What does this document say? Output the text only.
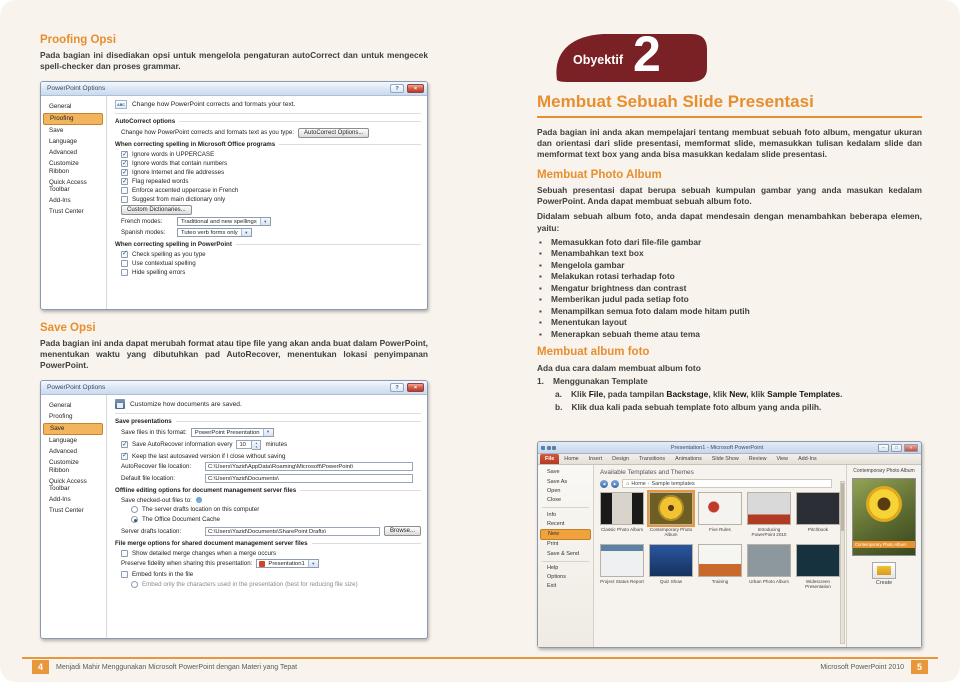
Proofing Opsi

Pada bagian ini disediakan opsi untuk mengelola pengaturan autoCorrect dan untuk mengecek spell-checker dan proses grammar.

PowerPoint Options	?	×
General
Proofing
Save
Language
Advanced
Customize Ribbon
Quick Access Toolbar
Add-Ins
Trust Center
ABC	Change how PowerPoint corrects and formats your text.
AutoCorrect options
Change how PowerPoint corrects and formats text as you type:	AutoCorrect Options...
When correcting spelling in Microsoft Office programs
✓
Ignore words in UPPERCASE
✓
Ignore words that contain numbers
✓
Ignore Internet and file addresses
✓
Flag repeated words
Enforce accented uppercase in French
Suggest from main dictionary only
Custom Dictionaries...
French modes:	Traditional and new spellings	▾
Spanish modes:	Tuteo verb forms only	▾
When correcting spelling in PowerPoint
✓
Check spelling as you type
Use contextual spelling
Hide spelling errors
Save Opsi

Pada bagian ini anda dapat merubah format atau tipe file yang akan anda buat dalam PowerPoint, menentukan waktu yang dibutuhkan pad AutoRecover, menentukan lokasi penyimpanan PowerPoint.

PowerPoint Options	?	×
General
Proofing
Save
Language
Advanced
Customize Ribbon
Quick Access Toolbar
Add-Ins
Trust Center
Customize how documents are saved.
Save presentations
Save files in this format:	PowerPoint Presentation	▾
✓
Save AutoRecover information every	10	▴
▾	minutes
✓
Keep the last autosaved version if I close without saving
AutoRecover file location:	C:\Users\Yazid\AppData\Roaming\Microsoft\PowerPoint\
Default file location:	C:\Users\Yazid\Documents\
Offline editing options for document management server files
Save checked-out files to:	i
The server drafts location on this computer
The Office Document Cache
Server drafts location:	C:\Users\Yazid\Documents\SharePoint Drafts\	Browse...
File merge options for shared document management server files
Show detailed merge changes when a merge occurs
Preserve fidelity when sharing this presentation:	Presentation1	▾
Embed fonts in the file
Embed only the characters used in the presentation (best for reducing file size)
Obyektif 2
Membuat Sebuah Slide Presentasi

Pada bagian ini anda akan mempelajari tentang membuat sebuah foto album, mengatur ukuran dan orientasi dari slide presentasi, memformat slide, memasukkan tulisan kedalam slide dan memformat text box yang anda bisa masukkan kedalam slide presentasi.

Membuat Photo Album

Sebuah presentasi dapat berupa sebuah kumpulan gambar yang anda masukan kedalam PowerPoint. Anda dapat membuat sebuah album foto.

Didalam sebuah album foto, anda dapat mendesain dengan menambahkan beberapa elemen, yaitu:

▪ Memasukkan foto dari file-file gambar
▪ Menambahkan text box
▪ Mengelola gambar
▪ Melakukan rotasi terhadap foto
▪ Mengatur brightness dan contrast
▪ Memberikan judul pada setiap foto
▪ Menampilkan semua foto dalam mode hitam putih
▪ Menentukan layout
▪ Menerapkan sebuah theme atau tema
Membuat album foto
Ada dua cara dalam membuat album foto
1. Menggunakan Template
a. Klik File, pada tampilan Backstage, klik New, klik Sample Templates.
b. Klik dua kali pada sebuah template foto album yang anda pilih.
Presentation1 - Microsoft PowerPoint	–	□	×
File	Home	Insert	Design	Transitions	Animations	Slide Show	Review	View	Add-Ins
Save
Save As
Open
Close
Info
Recent
New
Print
Save & Send
Help
Options
Exit
Available Templates and Themes
◀	▶	⌂ Home › Sample templates
Classic Photo Album Contemporary Photo Album
Five Rules	Introducing PowerPoint 2010
Pitchbook
Project Status Report	Quiz Show	Training	Urban Photo Album	Widescreen Presentation
Contemporary Photo Album
Contemporary Photo Album
Create
4	Menjadi Mahir Menggunakan Microsoft PowerPoint dengan Materi yang Tepat	Microsoft PowerPoint 2010	5
